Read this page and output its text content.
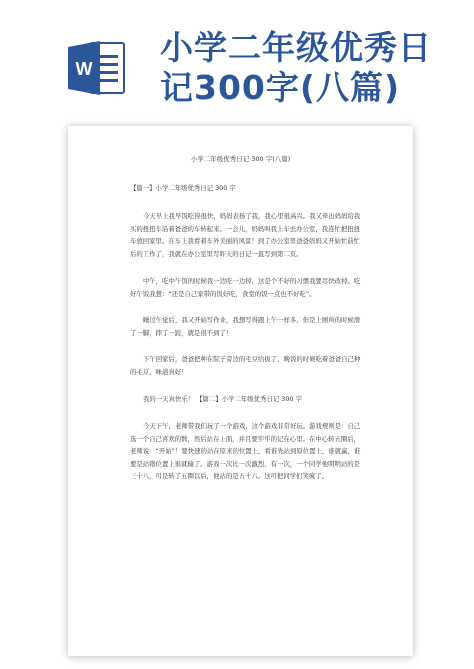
W
小学二年级优秀日
记300字(八篇)
小学二年级优秀日记 300 字(八篇)
【篇一】小学二年级优秀日记 300 字
今天早上我早饭吃得很快，妈妈表扬了我，我心里很高兴。我又牵出妈妈给我买的扭扭车沿着爸爸的车转起来。一会儿，妈妈叫我上车去办公室，我连忙把扭扭车放回家里。在车上我看着车外美丽的风景！到了办公室里爸爸妈妈又开始忙前忙后的工作了，我就在办公室里写昨天的日记一直写到第二页。
中午，吃中午饭的时候我一边吃一边掉，这是个不好的习惯我要尽快改掉。吃好午饭我想：“还是自己家带的饭好吃，食堂的饭一点也不好吃”。
睡过午觉后，我又开始写作业，我想写得跟上午一样多，但是上厕所的时候滑了一脚，摔了一跤，就是很不到了！
下午回家后，爸爸把种在院子旁边的毛豆给拔了，晚饭的时候吃着爸爸自己种的毛豆，味道真好！
我的一天真快乐！ 【篇二】小学二年级优秀日记 300 字
今天下午，老师带我们玩了一个游戏，这个游戏非常好玩。游戏规则是：自己选一个自己喜欢的数，然后站在上面，并且要牢牢的记在心里。在中心转五圈后，老师说：“开始”！要快速的站在原来的位置上，看谁先站到原位置上，谁就赢，谁要是站错位置上谁就输了。游戏一次比一次激烈，有一次，一个同学他明明站的是三十八，可是转了五圈以后，他站的是五十六。这可把同学们笑疯了。
